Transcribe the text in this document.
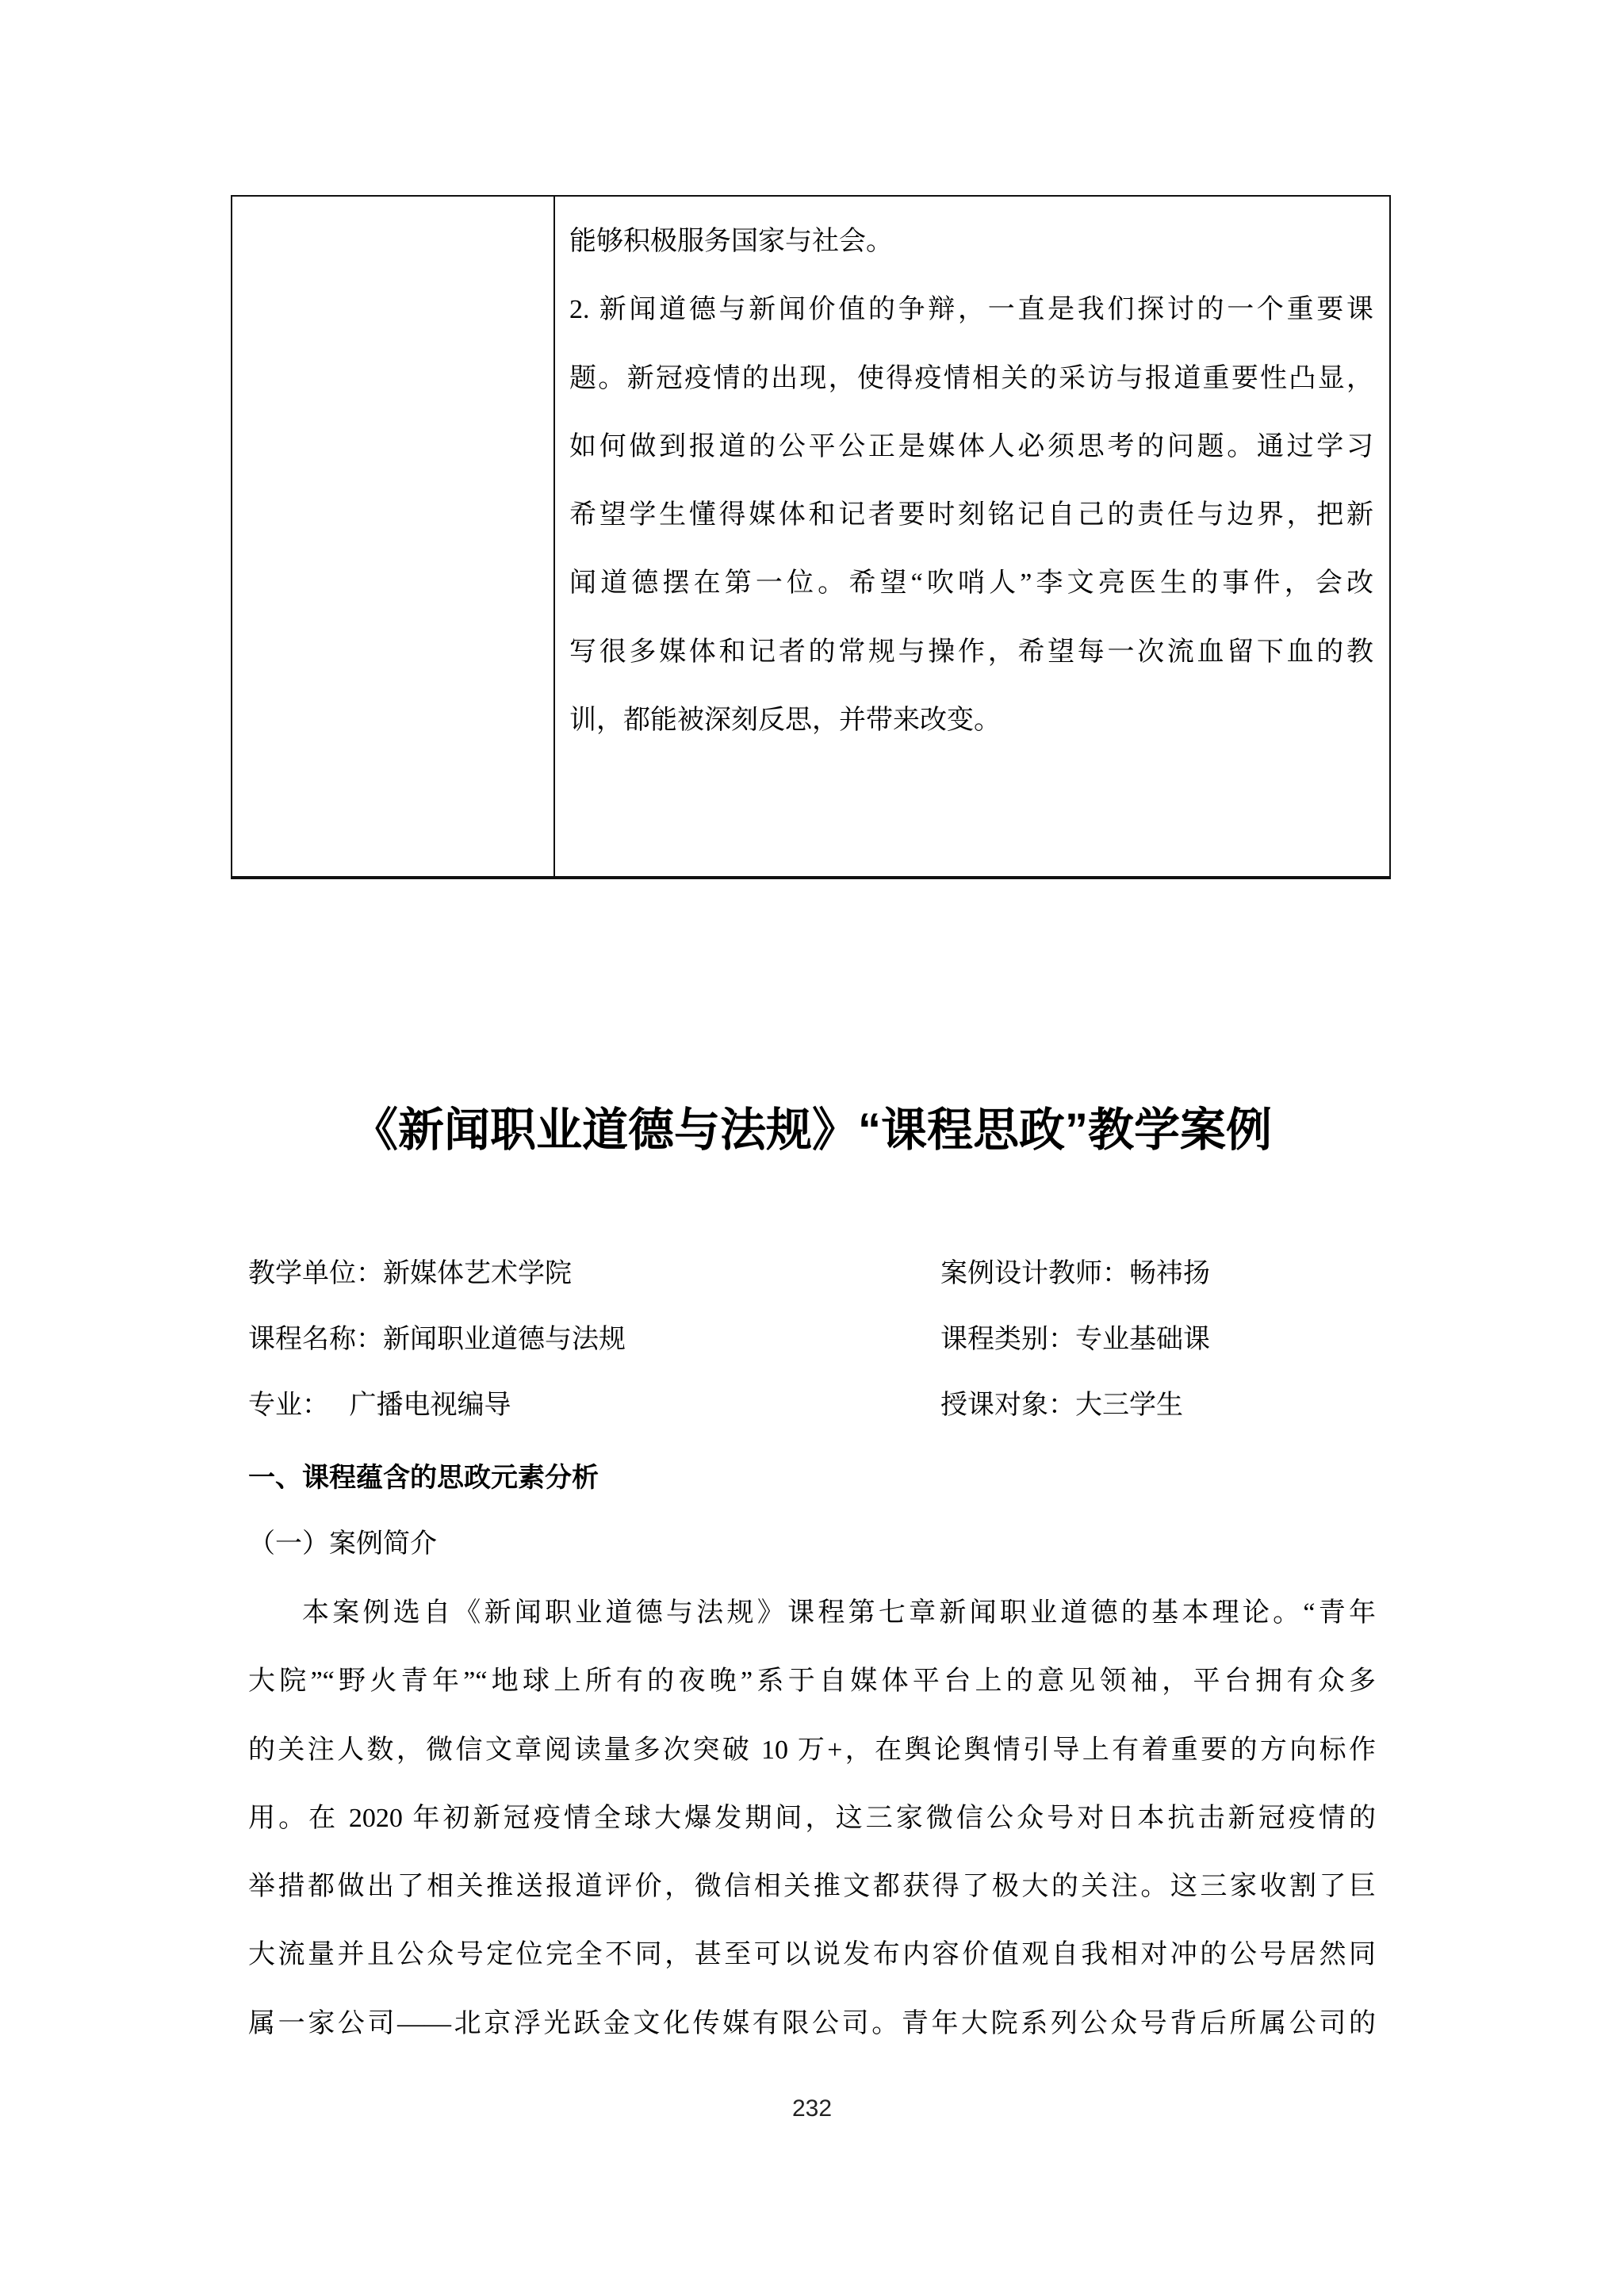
能够积极服务国家与社会。
2. 新闻道德与新闻价值的争辩，一直是我们探讨的一个重要课
题。新冠疫情的出现，使得疫情相关的采访与报道重要性凸显，
如何做到报道的公平公正是媒体人必须思考的问题。通过学习
希望学生懂得媒体和记者要时刻铭记自己的责任与边界，把新
闻道德摆在第一位。希望“吹哨人”李文亮医生的事件，会改
写很多媒体和记者的常规与操作，希望每一次流血留下血的教
训，都能被深刻反思，并带来改变。
《新闻职业道德与法规》“课程思政”教学案例
教学单位：新媒体艺术学院	案例设计教师：畅祎扬
课程名称：新闻职业道德与法规	课程类别：专业基础课
专业：　 广播电视编导	授课对象：大三学生
一、课程蕴含的思政元素分析
（一）案例简介
本案例选自《新闻职业道德与法规》课程第七章新闻职业道德的基本理论。“青年
大院”“野火青年”“地球上所有的夜晚”系于自媒体平台上的意见领袖，平台拥有众多
的关注人数，微信文章阅读量多次突破 10 万+，在舆论舆情引导上有着重要的方向标作
用。在 2020 年初新冠疫情全球大爆发期间，这三家微信公众号对日本抗击新冠疫情的
举措都做出了相关推送报道评价，微信相关推文都获得了极大的关注。这三家收割了巨
大流量并且公众号定位完全不同，甚至可以说发布内容价值观自我相对冲的公号居然同
属一家公司——北京浮光跃金文化传媒有限公司。青年大院系列公众号背后所属公司的
232
